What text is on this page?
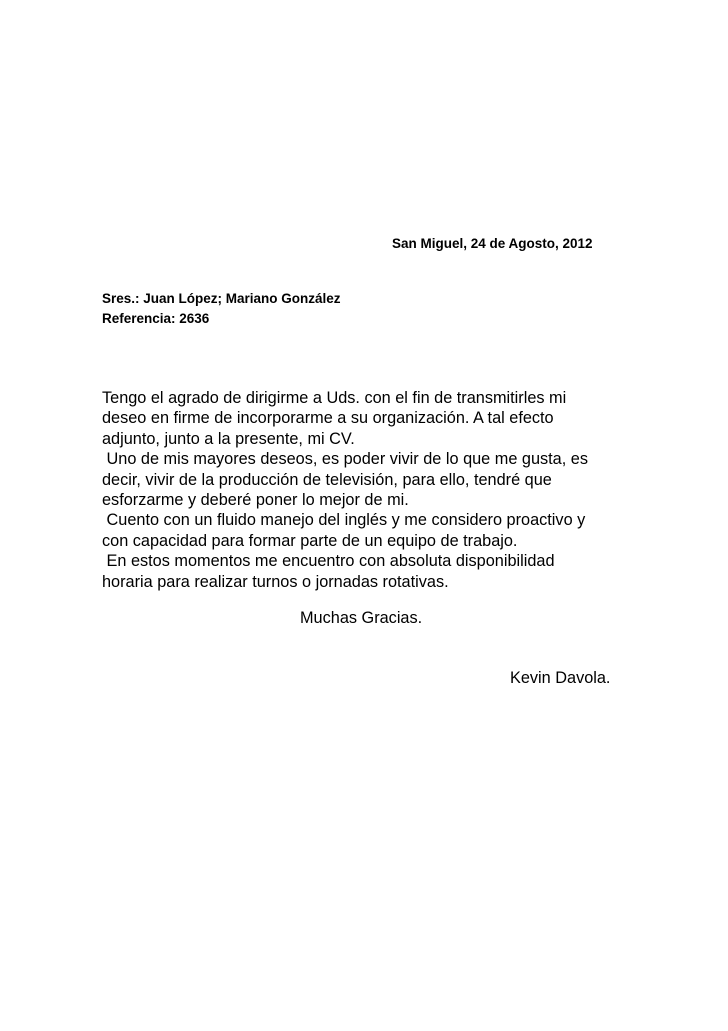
San Miguel, 24 de Agosto, 2012
Sres.: Juan López; Mariano González
Referencia: 2636
Tengo el agrado de dirigirme a Uds. con el fin de transmitirles mi
deseo en firme de incorporarme a su organización. A tal efecto
adjunto, junto a la presente, mi CV.
Uno de mis mayores deseos, es poder vivir de lo que me gusta, es
decir, vivir de la producción de televisión, para ello, tendré que
esforzarme y deberé poner lo mejor de mi.
Cuento con un fluido manejo del inglés y me considero proactivo y
con capacidad para formar parte de un equipo de trabajo.
En estos momentos me encuentro con absoluta disponibilidad
horaria para realizar turnos o jornadas rotativas.
Muchas Gracias.
Kevin Davola.
